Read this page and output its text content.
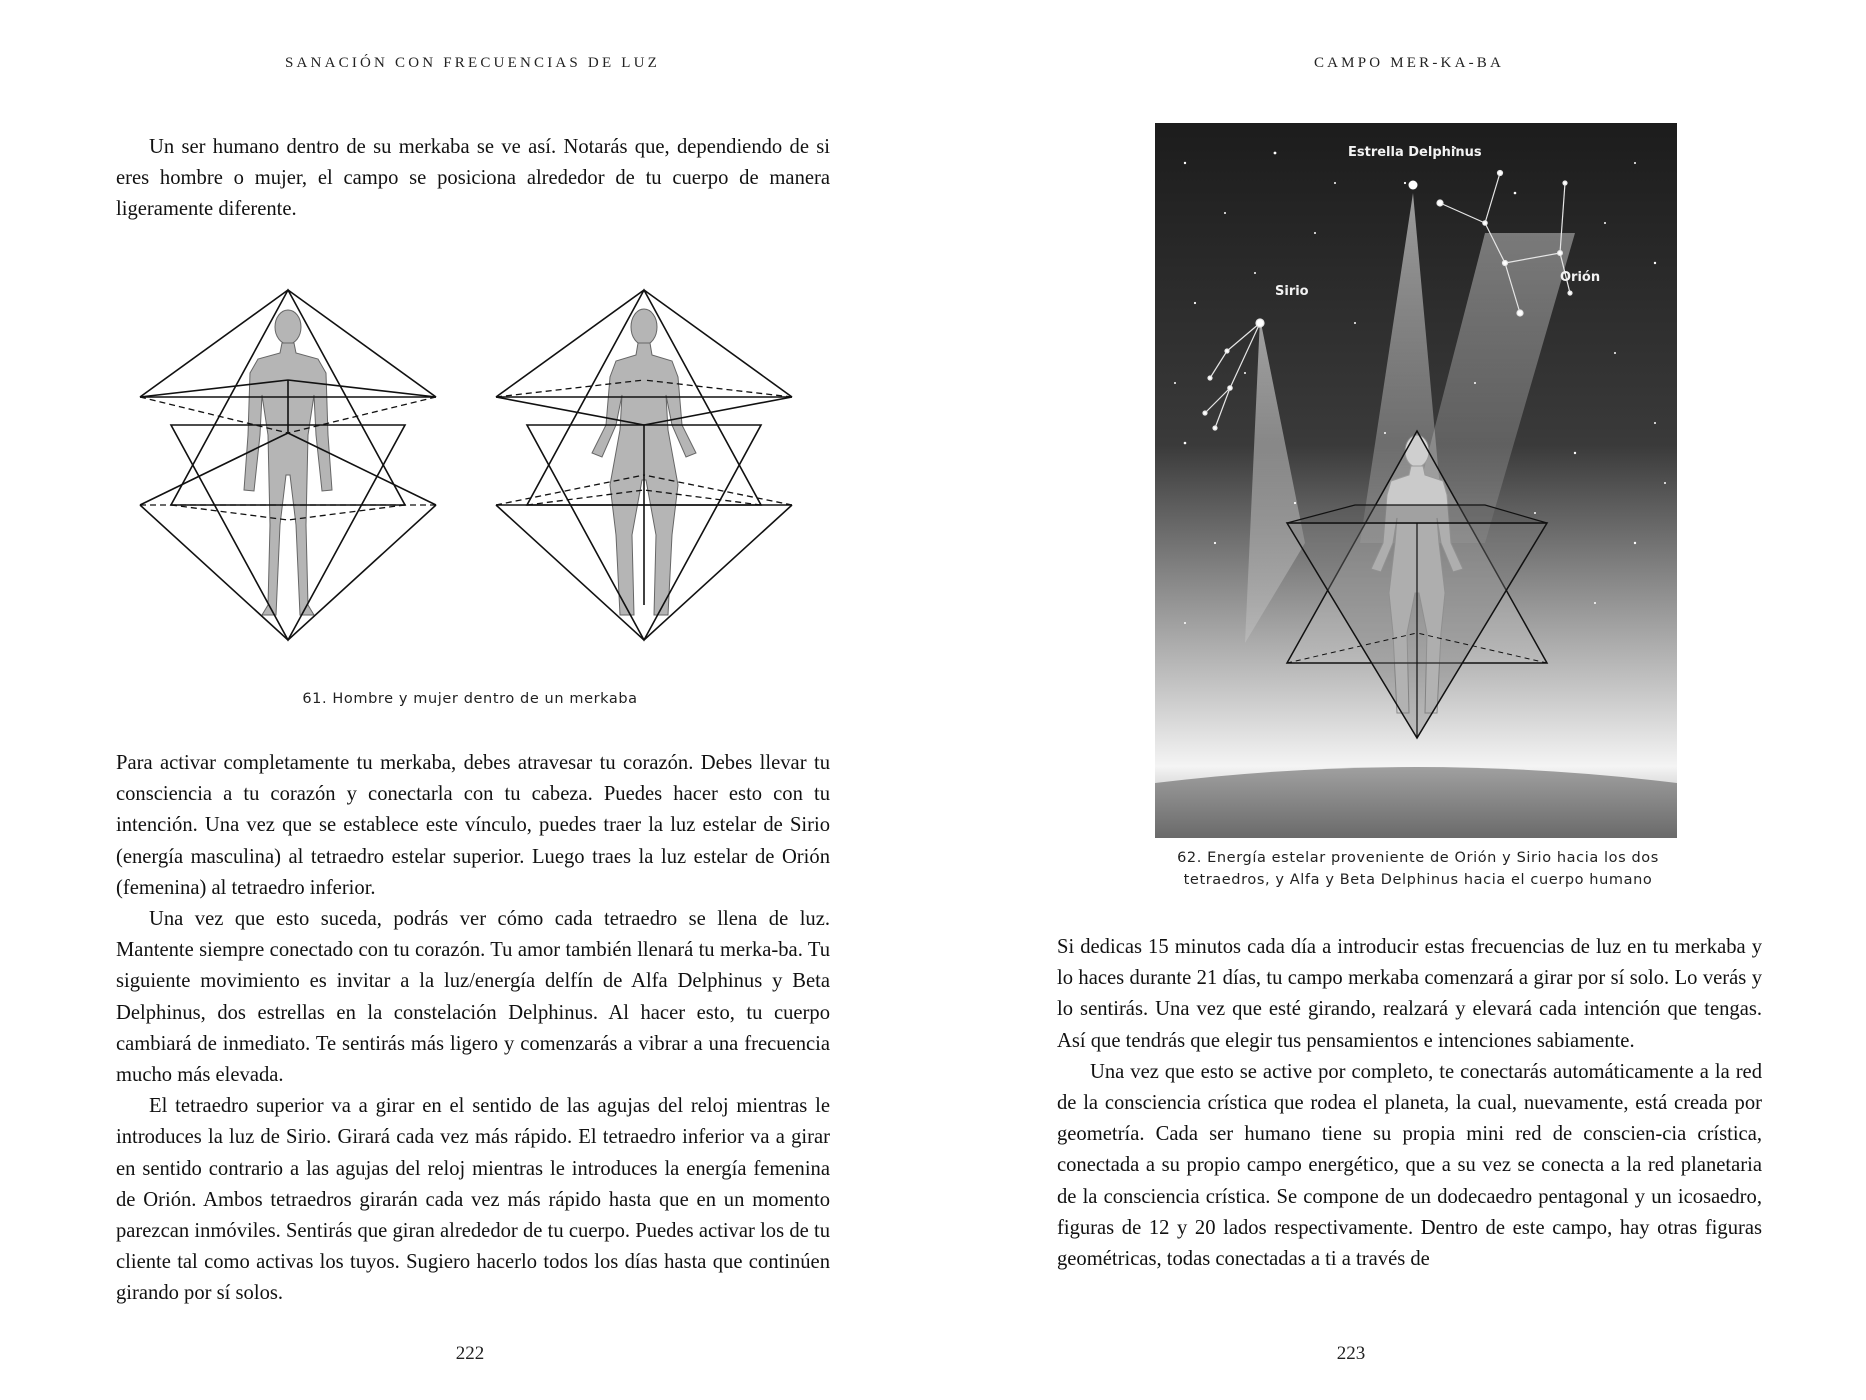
SANACIÓN CON FRECUENCIAS DE LUZ

Un ser humano dentro de su merkaba se ve así. Notarás que, dependiendo de si eres hombre o mujer, el campo se posiciona alrededor de tu cuerpo de manera ligeramente diferente.

61. Hombre y mujer dentro de un merkaba

Para activar completamente tu merkaba, debes atravesar tu corazón. Debes llevar tu consciencia a tu corazón y conectarla con tu cabeza. Puedes hacer esto con tu intención. Una vez que se establece este vínculo, puedes traer la luz estelar de Sirio (energía masculina) al tetraedro estelar superior. Luego traes la luz estelar de Orión (femenina) al tetraedro inferior.

Una vez que esto suceda, podrás ver cómo cada tetraedro se llena de luz. Mantente siempre conectado con tu corazón. Tu amor también llenará tu merka-ba. Tu siguiente movimiento es invitar a la luz/energía delfín de Alfa Delphinus y Beta Delphinus, dos estrellas en la constelación Delphinus. Al hacer esto, tu cuerpo cambiará de inmediato. Te sentirás más ligero y comenzarás a vibrar a una frecuencia mucho más elevada.

El tetraedro superior va a girar en el sentido de las agujas del reloj mientras le introduces la luz de Sirio. Girará cada vez más rápido. El tetraedro inferior va a girar en sentido contrario a las agujas del reloj mientras le introduces la energía femenina de Orión. Ambos tetraedros girarán cada vez más rápido hasta que en un momento parezcan inmóviles. Sentirás que giran alrededor de tu cuerpo. Puedes activar los de tu cliente tal como activas los tuyos. Sugiero hacerlo todos los días hasta que continúen girando por sí solos.

222
CAMPO MER-KA-BA
Estrella Delphinus
Sirio
Orión
62. Energía estelar proveniente de Orión y Sirio hacia los dos
tetraedros, y Alfa y Beta Delphinus hacia el cuerpo humano

Si dedicas 15 minutos cada día a introducir estas frecuencias de luz en tu merkaba y lo haces durante 21 días, tu campo merkaba comenzará a girar por sí solo. Lo verás y lo sentirás. Una vez que esté girando, realzará y elevará cada intención que tengas. Así que tendrás que elegir tus pensamientos e intenciones sabiamente.

Una vez que esto se active por completo, te conectarás automáticamente a la red de la consciencia crística que rodea el planeta, la cual, nuevamente, está creada por geometría. Cada ser humano tiene su propia mini red de conscien-cia crística, conectada a su propio campo energético, que a su vez se conecta a la red planetaria de la consciencia crística. Se compone de un dodecaedro pentagonal y un icosaedro, figuras de 12 y 20 lados respectivamente. Dentro de este campo, hay otras figuras geométricas, todas conectadas a ti a través de

223
